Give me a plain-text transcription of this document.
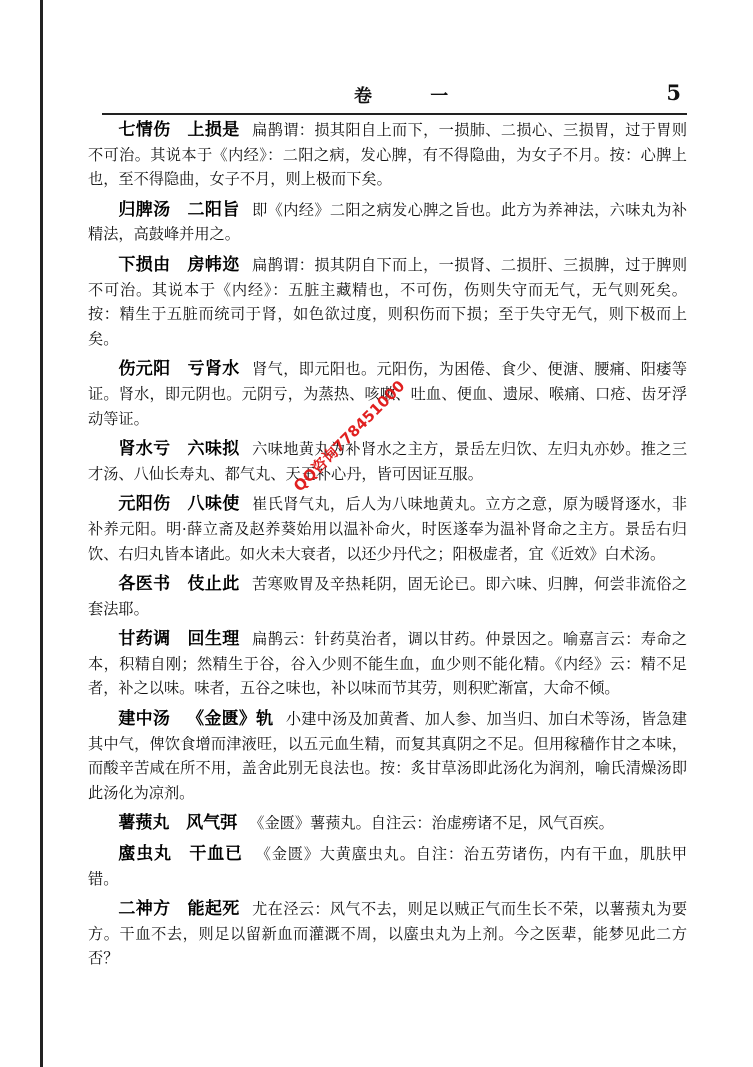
卷 一	5

七情伤 上损是 扁鹊谓：损其阳自上而下，一损肺、二损心、三损胃，过于胃则不可治。其说本于《内经》：二阳之病，发心脾，有不得隐曲，为女子不月。按：心脾上也，至不得隐曲，女子不月，则上极而下矣。

归脾汤 二阳旨 即《内经》二阳之病发心脾之旨也。此方为养神法，六味丸为补精法，高鼓峰并用之。

下损由 房帏迩 扁鹊谓：损其阴自下而上，一损肾、二损肝、三损脾，过于脾则不可治。其说本于《内经》：五脏主藏精也，不可伤，伤则失守而无气，无气则死矣。按：精生于五脏而统司于肾，如色欲过度，则积伤而下损；至于失守无气，则下极而上矣。

伤元阳 亏肾水 肾气，即元阳也。元阳伤，为困倦、食少、便溏、腰痛、阳痿等证。肾水，即元阴也。元阴亏，为蒸热、咳嗽、吐血、便血、遗尿、喉痛、口疮、齿牙浮动等证。

肾水亏 六味拟 六味地黄丸为补肾水之主方，景岳左归饮、左归丸亦妙。推之三才汤、八仙长寿丸、都气丸、天王补心丹，皆可因证互服。

元阳伤 八味使 崔氏肾气丸，后人为八味地黄丸。立方之意，原为暖肾逐水，非补养元阳。明·薛立斋及赵养葵始用以温补命火，时医遂奉为温补肾命之主方。景岳右归饮、右归丸皆本诸此。如火未大衰者，以还少丹代之；阳极虚者，宜《近效》白术汤。

各医书 伎止此 苦寒败胃及辛热耗阴，固无论已。即六味、归脾，何尝非流俗之套法耶。

甘药调 回生理 扁鹊云：针药莫治者，调以甘药。仲景因之。喻嘉言云：寿命之本，积精自刚；然精生于谷，谷入少则不能生血，血少则不能化精。《内经》云：精不足者，补之以味。味者，五谷之味也，补以味而节其劳，则积贮渐富，大命不倾。

建中汤 《金匮》轨 小建中汤及加黄耆、加人参、加当归、加白术等汤，皆急建其中气，俾饮食增而津液旺，以五元血生精，而复其真阴之不足。但用稼穑作甘之本味，而酸辛苦咸在所不用，盖舍此别无良法也。按：炙甘草汤即此汤化为润剂，喻氏清燥汤即此汤化为凉剂。

薯蓣丸 风气弭 《金匮》薯蓣丸。自注云：治虚痨诸不足，风气百疾。

䗪虫丸 干血已 《金匮》大黄䗪虫丸。自注：治五劳诸伤，内有干血，肌肤甲错。

二神方 能起死 尤在泾云：风气不去，则足以贼正气而生长不荣，以薯蓣丸为要方。干血不去，则足以留新血而灌溉不周，以䗪虫丸为上剂。今之医辈，能梦见此二方否？

QQ咨询778451000
